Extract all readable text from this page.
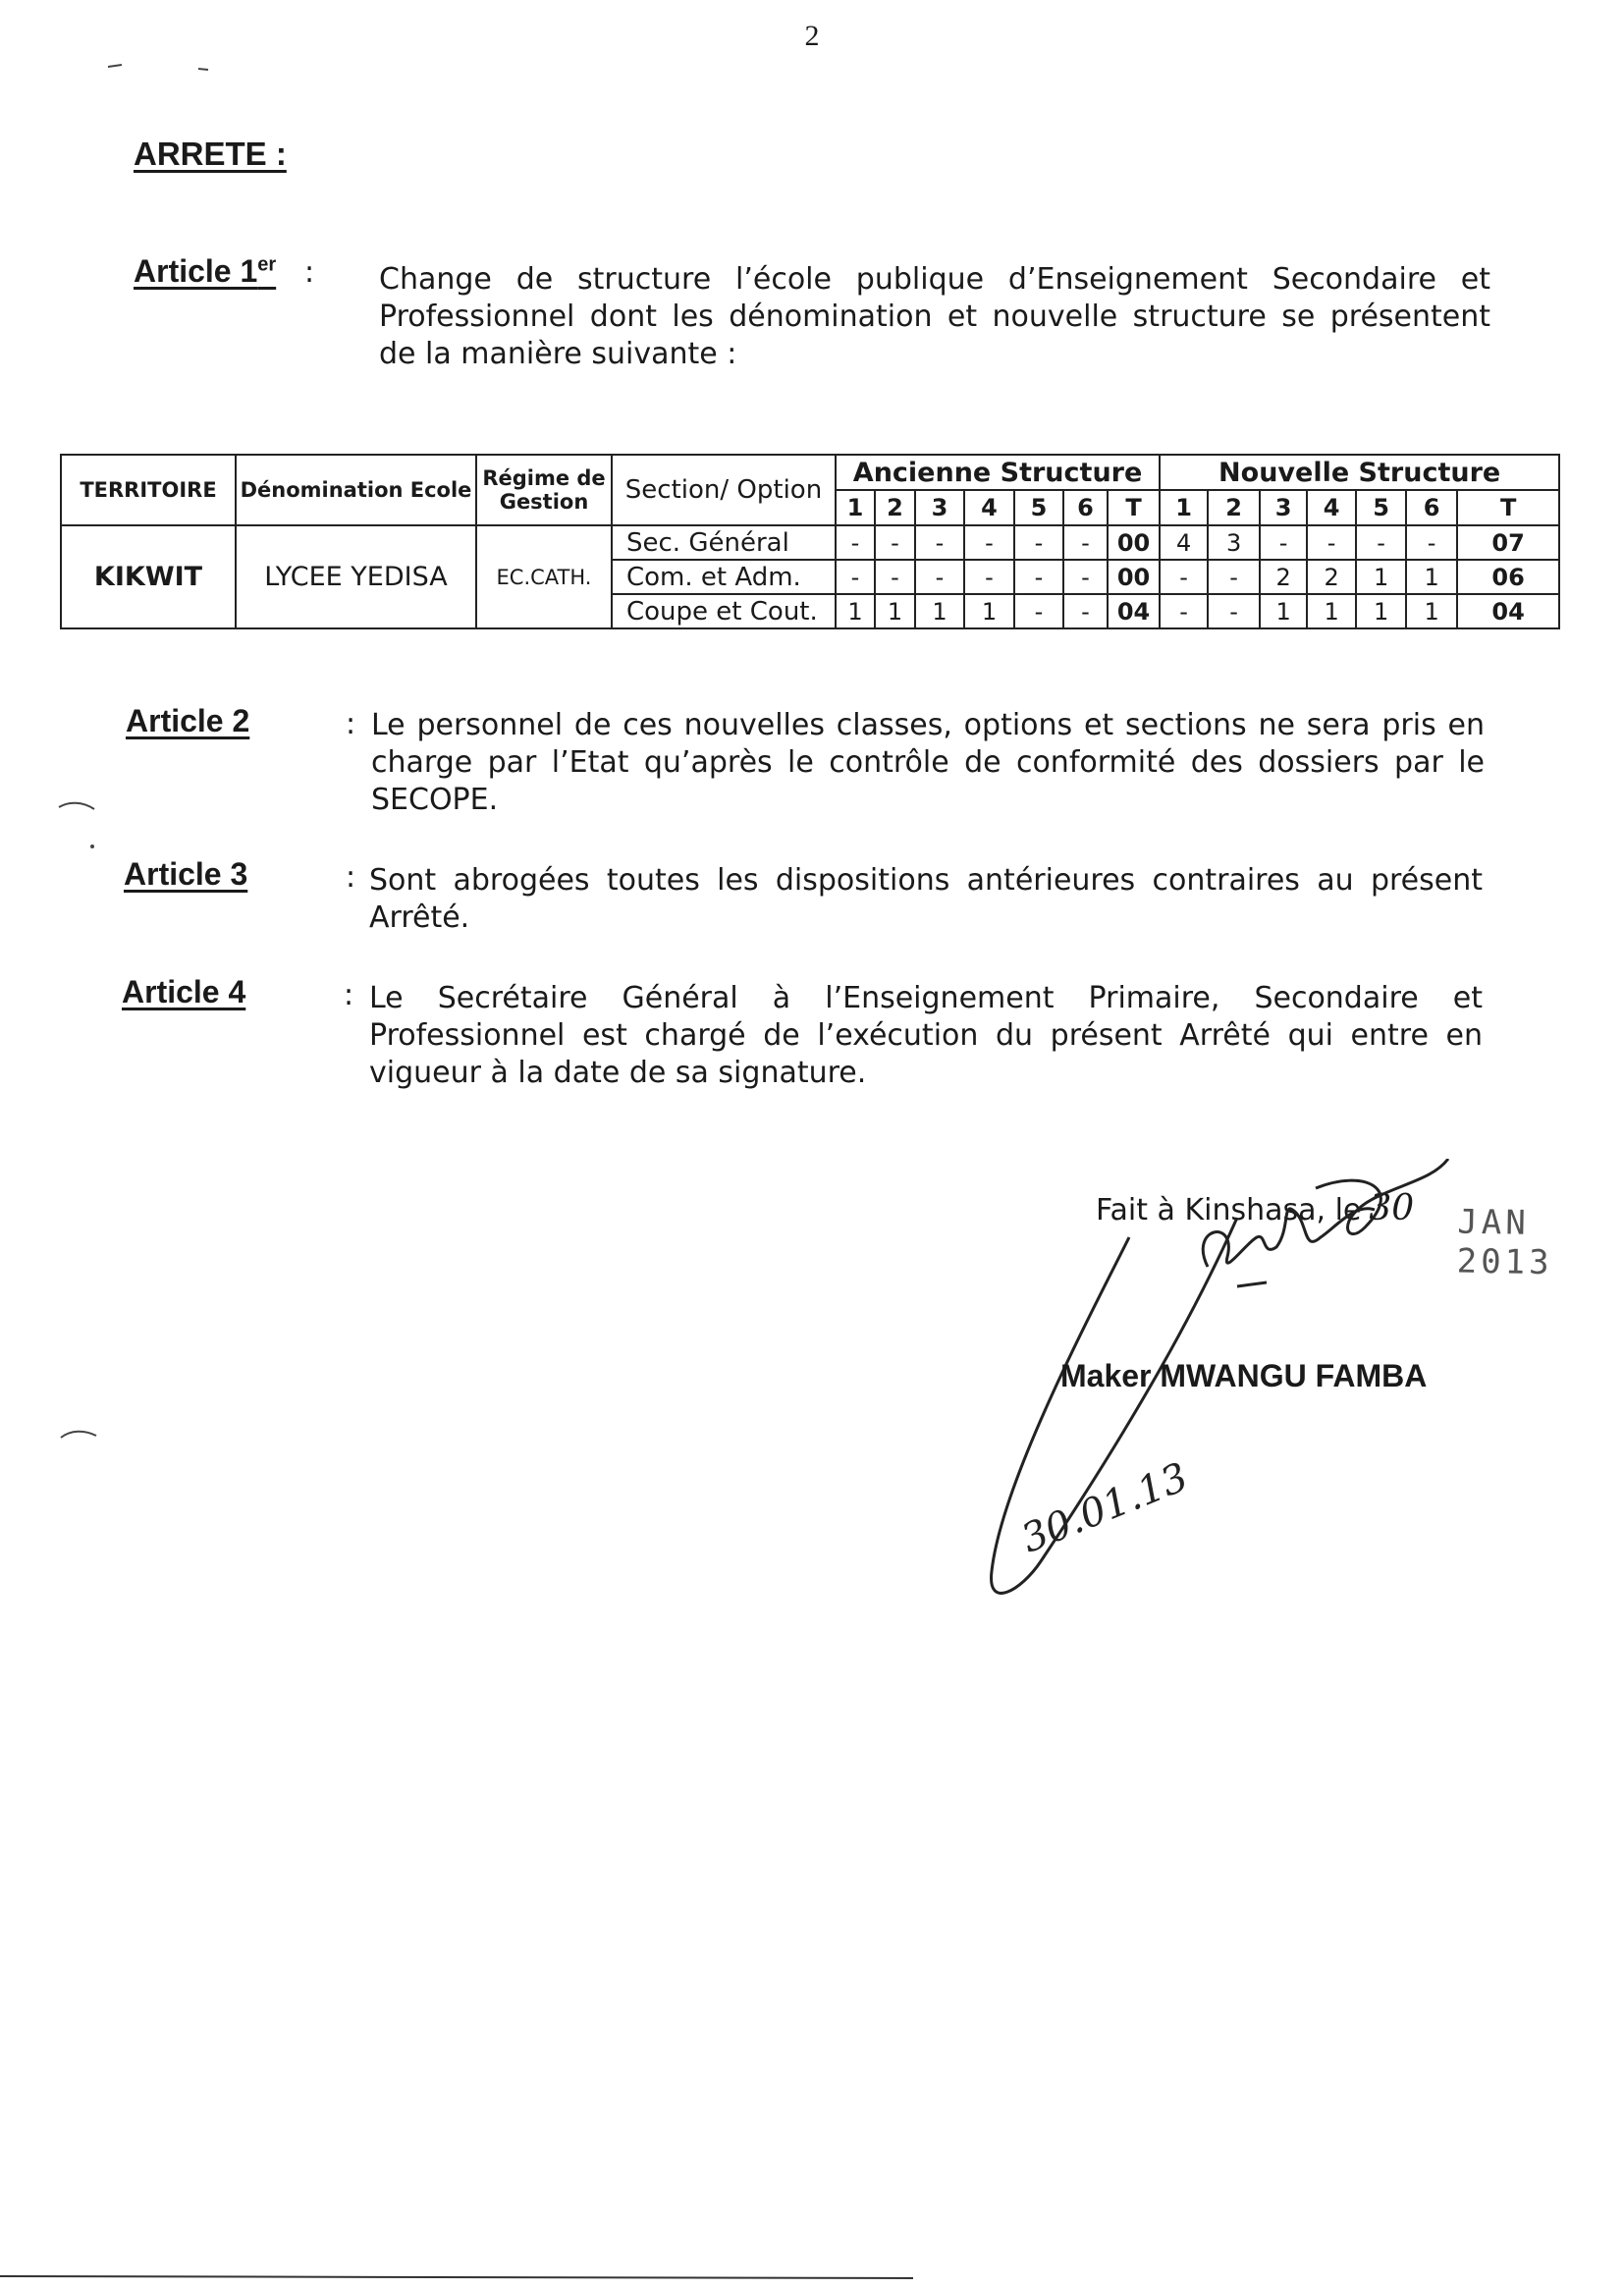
2
ARRETE :
Article 1er : Change de structure l’école publique d’Enseignement Secondaire et Professionnel dont les dénomination et nouvelle structure se présentent de la manière suivante :
TERRITOIRE	Dénomination Ecole	Régime de Gestion	Section/ Option	Ancienne Structure							Nouvelle Structure						
				1	2	3	4	5	6	T	1	2	3	4	5	6	T
KIKWIT	LYCEE YEDISA	EC.CATH.	Sec. Général	-	-	-	-	-	-	00	4	3	-	-	-	-	07
			Com. et Adm.	-	-	-	-	-	-	00	-	-	2	2	1	1	06
			Coupe et Cout.	1	1	1	1	-	-	04	-	-	1	1	1	1	04
Article 2	: Le personnel de ces nouvelles classes, options et sections ne sera pris en charge par l’Etat qu’après le contrôle de conformité des dossiers par le SECOPE.
Article 3	: Sont abrogées toutes les dispositions antérieures contraires au présent Arrêté.
Article 4	: Le Secrétaire Général à l’Enseignement Primaire, Secondaire et Professionnel est chargé de l’exécution du présent Arrêté qui entre en vigueur à la date de sa signature.
Fait à Kinshasa, le 30 JAN 2013
Maker MWANGU FAMBA
30.01.13
